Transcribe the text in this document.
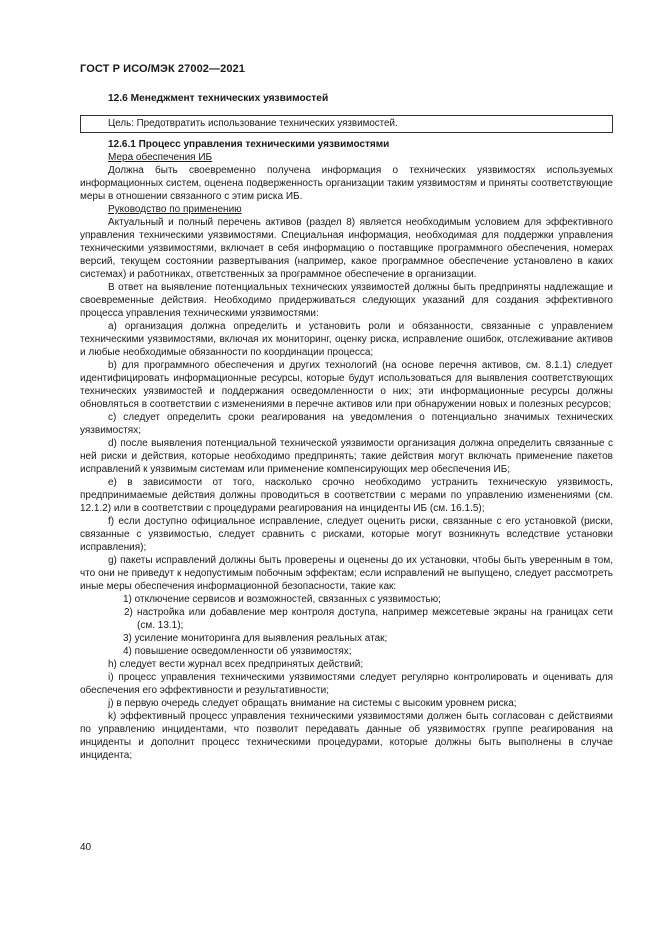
ГОСТ Р ИСО/МЭК 27002—2021
12.6 Менеджмент технических уязвимостей
Цель: Предотвратить использование технических уязвимостей.
12.6.1 Процесс управления техническими уязвимостями
Мера обеспечения ИБ

Должна быть своевременно получена информация о технических уязвимостях используемых информационных систем, оценена подверженность организации таким уязвимостям и приняты соответствующие меры в отношении связанного с этим риска ИБ.

Руководство по применению

Актуальный и полный перечень активов (раздел 8) является необходимым условием для эффективного управления техническими уязвимостями. Специальная информация, необходимая для поддержки управления техническими уязвимостями, включает в себя информацию о поставщике программного обеспечения, номерах версий, текущем состоянии развертывания (например, какое программное обеспечение установлено в каких системах) и работниках, ответственных за программное обеспечение в организации.

В ответ на выявление потенциальных технических уязвимостей должны быть предприняты надлежащие и своевременные действия. Необходимо придерживаться следующих указаний для создания эффективного процесса управления техническими уязвимостями:

a) организация должна определить и установить роли и обязанности, связанные с управлением техническими уязвимостями, включая их мониторинг, оценку риска, исправление ошибок, отслеживание активов и любые необходимые обязанности по координации процесса;

b) для программного обеспечения и других технологий (на основе перечня активов, см. 8.1.1) следует идентифицировать информационные ресурсы, которые будут использоваться для выявления соответствующих технических уязвимостей и поддержания осведомленности о них; эти информационные ресурсы должны обновляться в соответствии с изменениями в перечне активов или при обнаружении новых и полезных ресурсов;

c) следует определить сроки реагирования на уведомления о потенциально значимых технических уязвимостях;

d) после выявления потенциальной технической уязвимости организация должна определить связанные с ней риски и действия, которые необходимо предпринять; такие действия могут включать применение пакетов исправлений к уязвимым системам или применение компенсирующих мер обеспечения ИБ;

e) в зависимости от того, насколько срочно необходимо устранить техническую уязвимость, предпринимаемые действия должны проводиться в соответствии с мерами по управлению изменениями (см. 12.1.2) или в соответствии с процедурами реагирования на инциденты ИБ (см. 16.1.5);

f) если доступно официальное исправление, следует оценить риски, связанные с его установкой (риски, связанные с уязвимостью, следует сравнить с рисками, которые могут возникнуть вследствие установки исправления);

g) пакеты исправлений должны быть проверены и оценены до их установки, чтобы быть уверенным в том, что они не приведут к недопустимым побочным эффектам; если исправлений не выпущено, следует рассмотреть иные меры обеспечения информационной безопасности, такие как:

1) отключение сервисов и возможностей, связанных с уязвимостью;

2) настройка или добавление мер контроля доступа, например межсетевые экраны на границах сети (см. 13.1);

3) усиление мониторинга для выявления реальных атак;

4) повышение осведомленности об уязвимостях;

h) следует вести журнал всех предпринятых действий;

i) процесс управления техническими уязвимостями следует регулярно контролировать и оценивать для обеспечения его эффективности и результативности;

j) в первую очередь следует обращать внимание на системы с высоким уровнем риска;

k) эффективный процесс управления техническими уязвимостями должен быть согласован с действиями по управлению инцидентами, что позволит передавать данные об уязвимостях группе реагирования на инциденты и дополнит процесс техническими процедурами, которые должны быть выполнены в случае инцидента;

40
